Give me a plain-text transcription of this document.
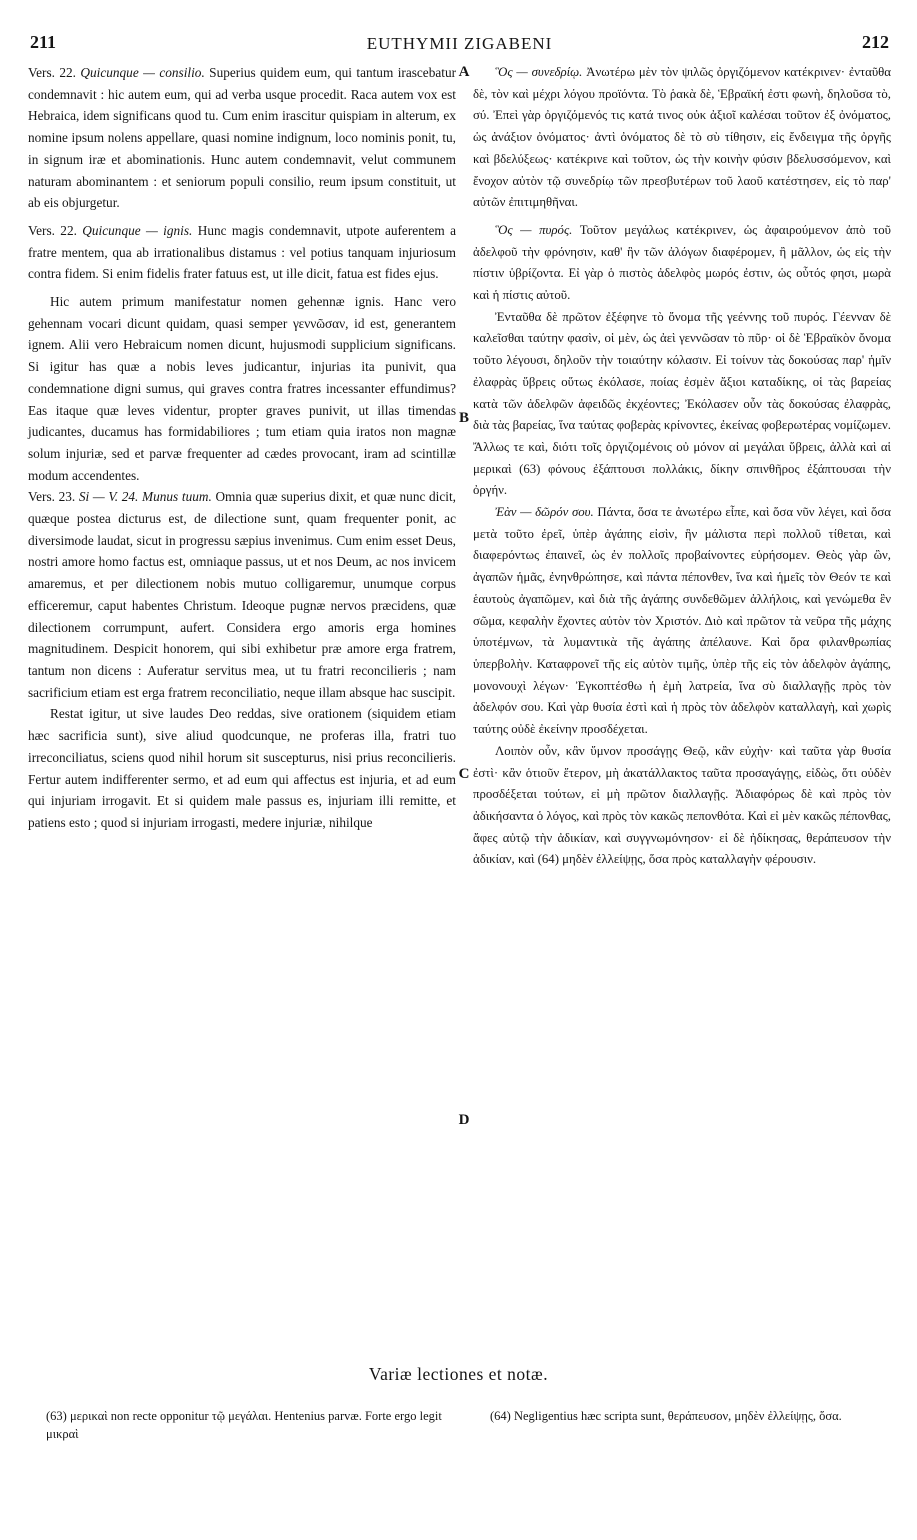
211	EUTHYMII ZIGABENI	212

Vers. 22. Quicunque — consilio. Superius quidem eum, qui tantum irascebatur condemnavit : hic autem eum, qui ad verba usque procedit. Raca autem vox est Hebraica, idem significans quod tu. Cum enim irascitur quispiam in alterum, ex nomine ipsum nolens appellare, quasi nomine indignum, loco nominis ponit, tu, in signum iræ et abominationis. Hunc autem condemnavit, velut communem naturam abominantem : et seniorum populi consilio, reum ipsum constituit, ut ab eis objurgetur.

Vers. 22. Quicunque — ignis. Hunc magis condemnavit, utpote auferentem a fratre mentem, qua ab irrationalibus distamus : vel potius tanquam injuriosum contra fidem. Si enim fidelis frater fatuus est, ut ille dicit, fatua est fides ejus.

Hic autem primum manifestatur nomen gehennæ ignis. Hanc vero gehennam vocari dicunt quidam, quasi semper γεννῶσαν, id est, generantem ignem. Alii vero Hebraicum nomen dicunt, hujusmodi supplicium significans. Si igitur has quæ a nobis leves judicantur, injurias ita punivit, qua condemnatione digni sumus, qui graves contra fratres incessanter effundimus? Eas itaque quæ leves videntur, propter graves punivit, ut illas timendas judicantes, ducamus has formidabiliores ; tum etiam quia iratos non magnæ solum injuriæ, sed et parvæ frequenter ad cædes provocant, iram ad scintillæ modum accendentes.

Vers. 23. Si — V. 24. Munus tuum. Omnia quæ superius dixit, et quæ nunc dicit, quæque postea dicturus est, de dilectione sunt, quam frequenter ponit, ac diversimode laudat, sicut in progressu sæpius invenimus. Cum enim esset Deus, nostri amore homo factus est, omniaque passus, ut et nos Deum, ac nos invicem amaremus, et per dilectionem nobis mutuo colligaremur, unumque corpus efficeremur, caput habentes Christum. Ideoque pugnæ nervos præcidens, quæ dilectionem corrumpunt, aufert. Considera ergo amoris erga homines magnitudinem. Despicit honorem, qui sibi exhibetur præ amore erga fratrem, tantum non dicens : Auferatur servitus mea, ut tu fratri reconcilieris ; nam sacrificium etiam est erga fratrem reconciliatio, neque illam absque hac suscipit.

Restat igitur, ut sive laudes Deo reddas, sive orationem (siquidem etiam hæc sacrificia sunt), sive aliud quodcunque, ne proferas illa, fratri tuo irreconciliatus, sciens quod nihil horum sit suscepturus, nisi prius reconcilieris. Fertur autem indifferenter sermo, et ad eum qui affectus est injuria, et ad eum qui injuriam irrogavit. Et si quidem male passus es, injuriam illi remitte, et patiens esto ; quod si injuriam irrogasti, medere injuriæ, nihilque

A
B
C
D

Ὃς — συνεδρίῳ. Ἀνωτέρω μὲν τὸν ψιλῶς ὀργιζόμενον κατέκρινεν· ἐνταῦθα δὲ, τὸν καὶ μέχρι λόγου προϊόντα. Τὸ ῥακὰ δὲ, Ἑβραϊκή ἐστι φωνὴ, δηλοῦσα τὸ, σύ. Ἐπεὶ γὰρ ὀργιζόμενός τις κατά τινος οὐκ ἀξιοῖ καλέσαι τοῦτον ἐξ ὀνόματος, ὡς ἀνάξιον ὀνόματος· ἀντὶ ὀνόματος δὲ τὸ σὺ τίθησιν, εἰς ἔνδειγμα τῆς ὀργῆς καὶ βδελύξεως· κατέκρινε καὶ τοῦτον, ὡς τὴν κοινὴν φύσιν βδελυσσόμενον, καὶ ἔνοχον αὐτὸν τῷ συνεδρίῳ τῶν πρεσβυτέρων τοῦ λαοῦ κατέστησεν, εἰς τὸ παρ' αὐτῶν ἐπιτιμηθῆναι.

Ὃς — πυρός. Τοῦτον μεγάλως κατέκρινεν, ὡς ἀφαιρούμενον ἀπὸ τοῦ ἀδελφοῦ τὴν φρόνησιν, καθ' ἣν τῶν ἀλόγων διαφέρομεν, ἢ μᾶλλον, ὡς εἰς τὴν πίστιν ὑβρίζοντα. Εἰ γὰρ ὁ πιστὸς ἀδελφὸς μωρός ἐστιν, ὡς οὗτός φησι, μωρὰ καὶ ἡ πίστις αὐτοῦ.

Ἐνταῦθα δὲ πρῶτον ἐξέφηνε τὸ ὄνομα τῆς γεέννης τοῦ πυρός. Γέενναν δὲ καλεῖσθαι ταύτην φασὶν, οἱ μὲν, ὡς ἀεὶ γεννῶσαν τὸ πῦρ· οἱ δὲ Ἑβραϊκὸν ὄνομα τοῦτο λέγουσι, δηλοῦν τὴν τοιαύτην κόλασιν. Εἰ τοίνυν τὰς δοκούσας παρ' ἡμῖν ἐλαφρὰς ὕβρεις οὕτως ἐκόλασε, ποίας ἐσμὲν ἄξιοι καταδίκης, οἱ τὰς βαρείας κατὰ τῶν ἀδελφῶν ἀφειδῶς ἐκχέοντες; Ἐκόλασεν οὖν τὰς δοκούσας ἐλαφρὰς, διὰ τὰς βαρείας, ἵνα ταύτας φοβερὰς κρίνοντες, ἐκείνας φοβερωτέρας νομίζωμεν. Ἄλλως τε καὶ, διότι τοῖς ὀργιζομένοις οὐ μόνον αἱ μεγάλαι ὕβρεις, ἀλλὰ καὶ αἱ μερικαὶ (63) φόνους ἐξάπτουσι πολλάκις, δίκην σπινθῆρος ἐξάπτουσαι τὴν ὀργήν.

Ἐὰν — δῶρόν σου. Πάντα, ὅσα τε ἀνωτέρω εἶπε, καὶ ὅσα νῦν λέγει, καὶ ὅσα μετὰ τοῦτο ἐρεῖ, ὑπὲρ ἀγάπης εἰσὶν, ἣν μάλιστα περὶ πολλοῦ τίθεται, καὶ διαφερόντως ἐπαινεῖ, ὡς ἐν πολλοῖς προβαίνοντες εὑρήσομεν. Θεὸς γὰρ ὢν, ἀγαπῶν ἡμᾶς, ἐνηνθρώπησε, καὶ πάντα πέπονθεν, ἵνα καὶ ἡμεῖς τὸν Θεόν τε καὶ ἑαυτοὺς ἀγαπῶμεν, καὶ διὰ τῆς ἀγάπης συνδεθῶμεν ἀλλήλοις, καὶ γενώμεθα ἓν σῶμα, κεφαλὴν ἔχοντες αὐτὸν τὸν Χριστόν. Διὸ καὶ πρῶτον τὰ νεῦρα τῆς μάχης ὑποτέμνων, τὰ λυμαντικὰ τῆς ἀγάπης ἀπέλαυνε. Καὶ ὅρα φιλανθρωπίας ὑπερβολὴν. Καταφρονεῖ τῆς εἰς αὐτὸν τιμῆς, ὑπὲρ τῆς εἰς τὸν ἀδελφὸν ἀγάπης, μονονουχὶ λέγων· Ἐγκοπτέσθω ἡ ἐμὴ λατρεία, ἵνα σὺ διαλλαγῇς πρὸς τὸν ἀδελφόν σου. Καὶ γὰρ θυσία ἐστὶ καὶ ἡ πρὸς τὸν ἀδελφὸν καταλλαγὴ, καὶ χωρὶς ταύτης οὐδὲ ἐκείνην προσδέχεται.

Λοιπὸν οὖν, κἂν ὕμνον προσάγῃς Θεῷ, κἂν εὐχὴν· καὶ ταῦτα γὰρ θυσία ἐστὶ· κἂν ὁτιοῦν ἕτερον, μὴ ἀκατάλλακτος ταῦτα προσαγάγῃς, εἰδὼς, ὅτι οὐδὲν προσδέξεται τούτων, εἰ μὴ πρῶτον διαλλαγῇς. Ἀδιαφόρως δὲ καὶ πρὸς τὸν ἀδικήσαντα ὁ λόγος, καὶ πρὸς τὸν κακῶς πεπονθότα. Καὶ εἰ μὲν κακῶς πέπονθας, ἄφες αὐτῷ τὴν ἀδικίαν, καὶ συγγνωμόνησον· εἰ δὲ ἠδίκησας, θεράπευσον τὴν ἀδικίαν, καὶ (64) μηδὲν ἐλλείψῃς, ὅσα πρὸς καταλλαγὴν φέρουσιν.

Variæ lectiones et notæ.

(63) μερικαὶ non recte opponitur τῷ μεγάλαι. Hentenius parvæ. Forte ergo legit μικραὶ

(64) Negligentius hæc scripta sunt, θεράπευσον, μηδὲν ἐλλείψῃς, ὅσα.
